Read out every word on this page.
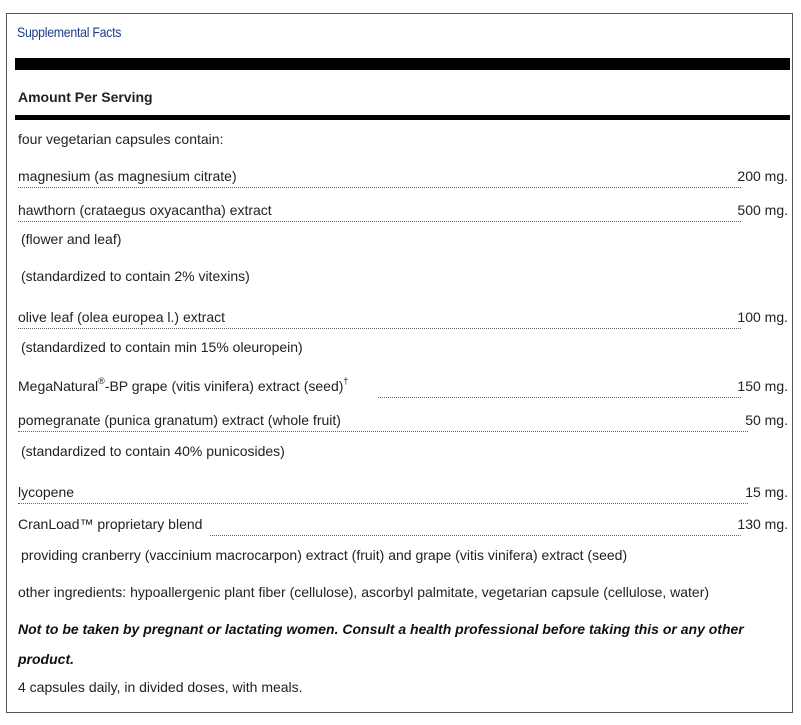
Supplemental Facts
Amount Per Serving
four vegetarian capsules contain:
magnesium (as magnesium citrate)	200 mg.
hawthorn (crataegus oxyacantha) extract	500 mg.
(flower and leaf)
(standardized to contain 2% vitexins)
olive leaf (olea europea l.) extract	100 mg.
(standardized to contain min 15% oleuropein)
MegaNatural®-BP grape (vitis vinifera) extract (seed)†	150 mg.
pomegranate (punica granatum) extract (whole fruit)	50 mg.
(standardized to contain 40% punicosides)
lycopene	15 mg.
CranLoad™ proprietary blend	130 mg.
providing cranberry (vaccinium macrocarpon) extract (fruit) and grape (vitis vinifera) extract (seed)
other ingredients: hypoallergenic plant fiber (cellulose), ascorbyl palmitate, vegetarian capsule (cellulose, water)
Not to be taken by pregnant or lactating women. Consult a health professional before taking this or any other product.
4 capsules daily, in divided doses, with meals.
